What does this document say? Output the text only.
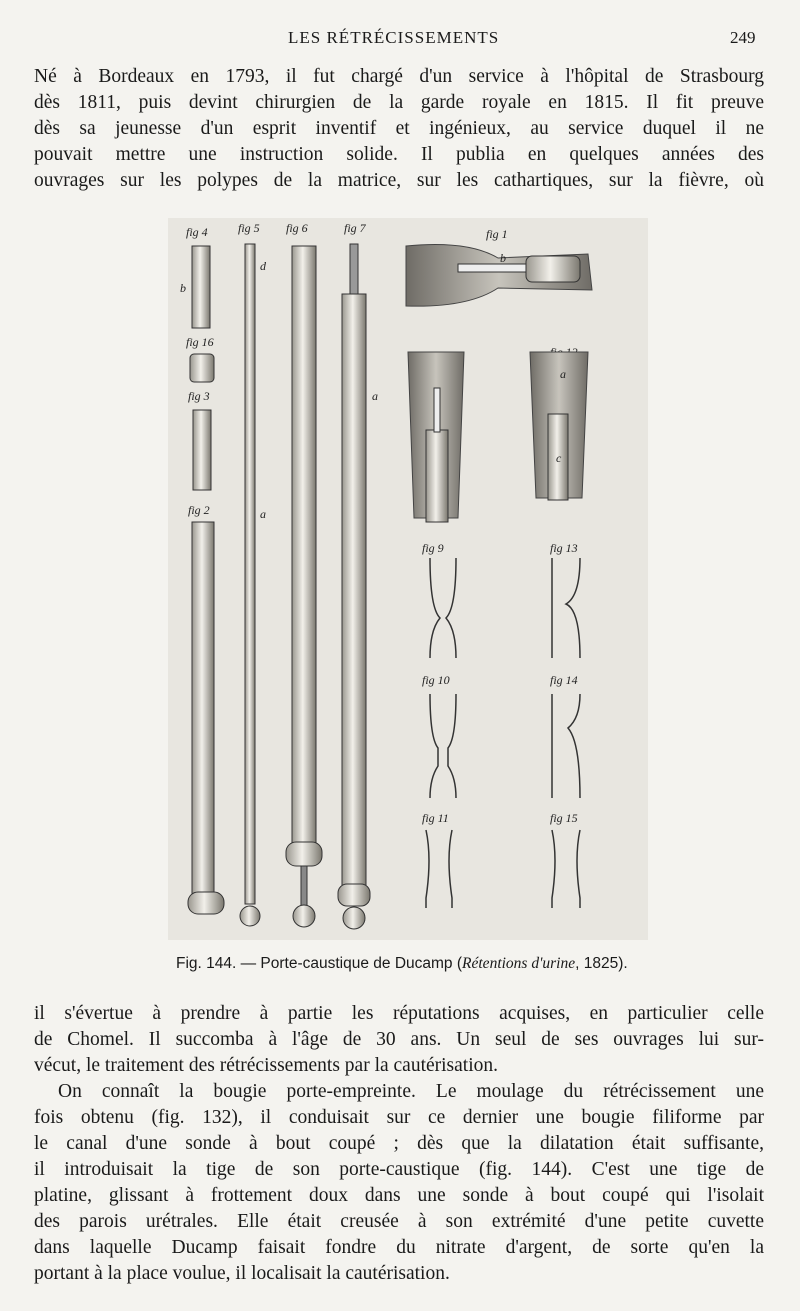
LES RÉTRÉCISSEMENTS	249
Né à Bordeaux en 1793, il fut chargé d'un service à l'hôpital de Strasbourg
dès 1811, puis devint chirurgien de la garde royale en 1815. Il fit preuve
dès sa jeunesse d'un esprit inventif et ingénieux, au service duquel il ne
pouvait mettre une instruction solide. Il publia en quelques années des
ouvrages sur les polypes de la matrice, sur les cathartiques, sur la fièvre, où
fig 4
b
fig 16
fig 3
fig 2
fig 5
d
a
fig 6	fig 7
a
fig 1
b
a
c
fig 9	fig 13
fig 10	fig 14
fig 11	fig 15
Fig. 144. — Porte-caustique de Ducamp (Rétentions d'urine, 1825).
il s'évertue à prendre à partie les réputations acquises, en particulier celle
de Chomel. Il succomba à l'âge de 30 ans. Un seul de ses ouvrages lui sur-
vécut, le traitement des rétrécissements par la cautérisation.
On connaît la bougie porte-empreinte. Le moulage du rétrécissement une
fois obtenu (fig. 132), il conduisait sur ce dernier une bougie filiforme par
le canal d'une sonde à bout coupé ; dès que la dilatation était suffisante,
il introduisait la tige de son porte-caustique (fig. 144). C'est une tige de
platine, glissant à frottement doux dans une sonde à bout coupé qui l'isolait
des parois urétrales. Elle était creusée à son extrémité d'une petite cuvette
dans laquelle Ducamp faisait fondre du nitrate d'argent, de sorte qu'en la
portant à la place voulue, il localisait la cautérisation.
